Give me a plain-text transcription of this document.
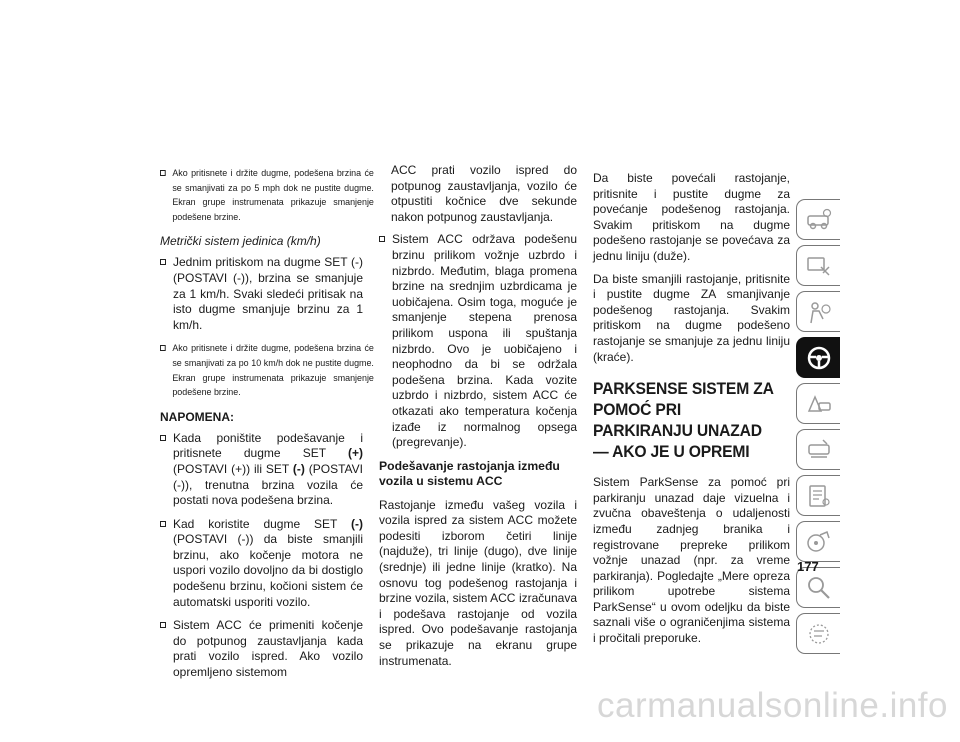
Ako pritisnete i držite dugme, podešena brzina će se smanjivati za po 5 mph dok ne pustite dugme. Ekran grupe instrumenata prikazuje smanjenje podešene brzine.
Metrički sistem jedinica (km/h)
Jednim pritiskom na dugme SET (-) (POSTAVI (-)), brzina se smanjuje za 1 km/h. Svaki sledeći pritisak na isto dugme smanjuje brzinu za 1 km/h.
Ako pritisnete i držite dugme, podešena brzina će se smanjivati za po 10 km/h dok ne pustite dugme. Ekran grupe instrumenata prikazuje smanjenje podešene brzine.
NAPOMENA:
Kada poništite podešavanje i pritisnete dugme SET (+) (POSTAVI (+)) ili SET (-) (POSTAVI (-)), trenutna brzina vozila će postati nova podešena brzina.
Kad koristite dugme SET (-) (POSTAVI (-)) da biste smanjili brzinu, ako kočenje motora ne uspori vozilo dovoljno da bi dostiglo podešenu brzinu, kočioni sistem će automatski usporiti vozilo.
Sistem ACC će primeniti kočenje do potpunog zaustavljanja kada prati vozilo ispred. Ako vozilo opremljeno sistemom

ACC prati vozilo ispred do potpunog zaustavljanja, vozilo će otpustiti kočnice dve sekunde nakon potpunog zaustavljanja.

Sistem ACC održava podešenu brzinu prilikom vožnje uzbrdo i nizbrdo. Međutim, blaga promena brzine na srednjim uzbrdicama je uobičajena. Osim toga, moguće je smanjenje stepena prenosa prilikom uspona ili spuštanja nizbrdo. Ovo je uobičajeno i neophodno da bi se održala podešena brzina. Kada vozite uzbrdo i nizbrdo, sistem ACC će otkazati ako temperatura kočenja izađe iz normalnog opsega (pregrevanje).
Podešavanje rastojanja između vozila u sistemu ACC

Rastojanje između vašeg vozila i vozila ispred za sistem ACC možete podesiti izborom četiri linije (najduže), tri linije (dugo), dve linije (srednje) ili jedne linije (kratko). Na osnovu tog podešenog rastojanja i brzine vozila, sistem ACC izračunava i podešava rastojanje od vozila ispred. Ovo podešavanje rastojanja se prikazuje na ekranu grupe instrumenata.

Da biste povećali rastojanje, pritisnite i pustite dugme za povećanje podešenog rastojanja. Svakim pritiskom na dugme podešeno rastojanje se povećava za jednu liniju (duže).

Da biste smanjili rastojanje, pritisnite i pustite dugme ZA smanjivanje podešenog rastojanja. Svakim pritiskom na dugme podešeno rastojanje se smanjuje za jednu liniju (kraće).

PARKSENSE SISTEM ZA POMOĆ PRI PARKIRANJU UNAZAD — AKO JE U OPREMI

Sistem ParkSense za pomoć pri parkiranju unazad daje vizuelna i zvučna obaveštenja o udaljenosti između zadnjeg branika i registrovane prepreke prilikom vožnje unazad (npr. za vreme parkiranja). Pogledajte „Mere opreza prilikom upotrebe sistema ParkSense“ u ovom odeljku da biste saznali više o ograničenjima sistema i pročitali preporuke.

177
carmanualsonline.info
